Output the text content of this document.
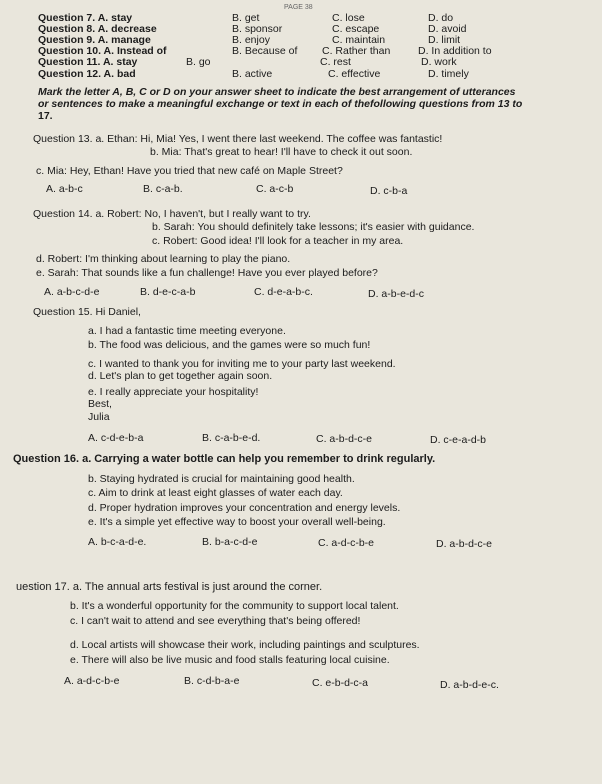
PAGE 38
Question 7. A. stay	B. get	C. lose	D. do
Question 8. A. decrease	B. sponsor	C. escape	D. avoid
Question 9. A. manage	B. enjoy	C. maintain	D. limit
Question 10. A. Instead of	B. Because of C. Rather than	D. In addition to
Question 11. A. stay	B. go	C. rest	D. work
Question 12. A. bad	B. active	C. effective	D. timely
Mark the letter A, B, C or D on your answer sheet to indicate the best arrangement of utterances
or sentences to make a meaningful exchange or text in each of thefollowing questions from 13 to
17.
Question 13. a. Ethan: Hi, Mia! Yes, I went there last weekend. The coffee was fantastic!
b. Mia: That's great to hear! I'll have to check it out soon.
c. Mia: Hey, Ethan! Have you tried that new café on Maple Street?
A. a-b-c	B. c-a-b.	C. a-c-b	D. c-b-a
Question 14. a. Robert: No, I haven't, but I really want to try.
b. Sarah: You should definitely take lessons; it's easier with guidance.
c. Robert: Good idea! I'll look for a teacher in my area.
d. Robert: I'm thinking about learning to play the piano.
e. Sarah: That sounds like a fun challenge! Have you ever played before?
A. a-b-c-d-e	B. d-e-c-a-b	C. d-e-a-b-c.	D. a-b-e-d-c
Question 15. Hi Daniel,
a. I had a fantastic time meeting everyone.
b. The food was delicious, and the games were so much fun!
c. I wanted to thank you for inviting me to your party last weekend.
d. Let's plan to get together again soon.
e. I really appreciate your hospitality!
Best,
Julia
A. c-d-e-b-a	B. c-a-b-e-d.	C. a-b-d-c-e	D. c-e-a-d-b
Question 16. a. Carrying a water bottle can help you remember to drink regularly.
b. Staying hydrated is crucial for maintaining good health.
c. Aim to drink at least eight glasses of water each day.
d. Proper hydration improves your concentration and energy levels.
e. It's a simple yet effective way to boost your overall well-being.
A. b-c-a-d-e.	B. b-a-c-d-e	C. a-d-c-b-e	D. a-b-d-c-e
uestion 17. a. The annual arts festival is just around the corner.
b. It's a wonderful opportunity for the community to support local talent.
c. I can't wait to attend and see everything that's being offered!
d. Local artists will showcase their work, including paintings and sculptures.
e. There will also be live music and food stalls featuring local cuisine.
A. a-d-c-b-e	B. c-d-b-a-e	C. e-b-d-c-a	D. a-b-d-e-c.
